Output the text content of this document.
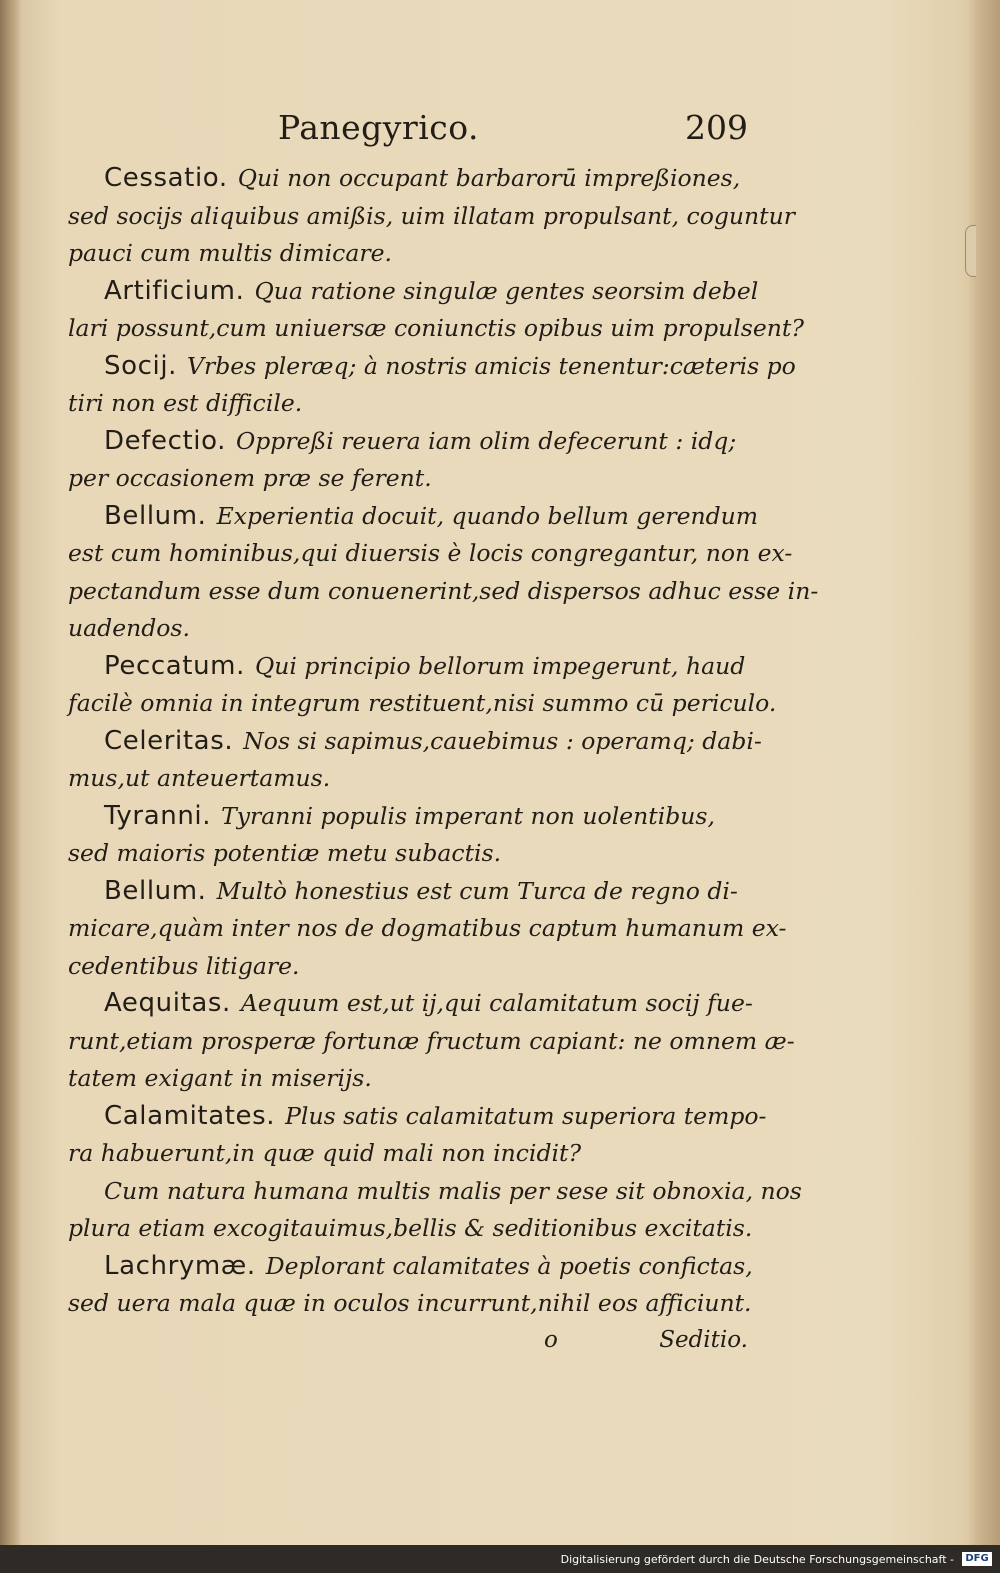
Panegyrico.	209

Cessatio. Qui non occupant barbarorū impreßiones,
sed socijs aliquibus amißis, uim illatam propulsant, coguntur
pauci cum multis dimicare.

Artificium. Qua ratione singulæ gentes seorsim debel
lari possunt,cum uniuersæ coniunctis opibus uim propulsent?

Socij. Vrbes pleræq; à nostris amicis tenentur:cæteris po
tiri non est difficile.

Defectio. Oppreßi reuera iam olim defecerunt : idq;
per occasionem præ se ferent.

Bellum. Experientia docuit, quando bellum gerendum
est cum hominibus,qui diuersis è locis congregantur, non ex-
pectandum esse dum conuenerint,sed dispersos adhuc esse in-
uadendos.

Peccatum. Qui principio bellorum impegerunt, haud
facilè omnia in integrum restituent,nisi summo cū periculo.

Celeritas. Nos si sapimus,cauebimus : operamq; dabi-
mus,ut anteuertamus.

Tyranni. Tyranni populis imperant non uolentibus,
sed maioris potentiæ metu subactis.

Bellum. Multò honestius est cum Turca de regno di-
micare,quàm inter nos de dogmatibus captum humanum ex-
cedentibus litigare.

Aequitas. Aequum est,ut ij,qui calamitatum socij fue-
runt,etiam prosperæ fortunæ fructum capiant: ne omnem æ-
tatem exigant in miserijs.

Calamitates. Plus satis calamitatum superiora tempo-
ra habuerunt,in quæ quid mali non incidit?

Cum natura humana multis malis per sese sit obnoxia, nos
plura etiam excogitauimus,bellis & seditionibus excitatis.

Lachrymæ. Deplorant calamitates à poetis confictas,
sed uera mala quæ in oculos incurrunt,nihil eos afficiunt.

o	Seditio.
Digitalisierung gefördert durch die Deutsche Forschungsgemeinschaft -	DFG
